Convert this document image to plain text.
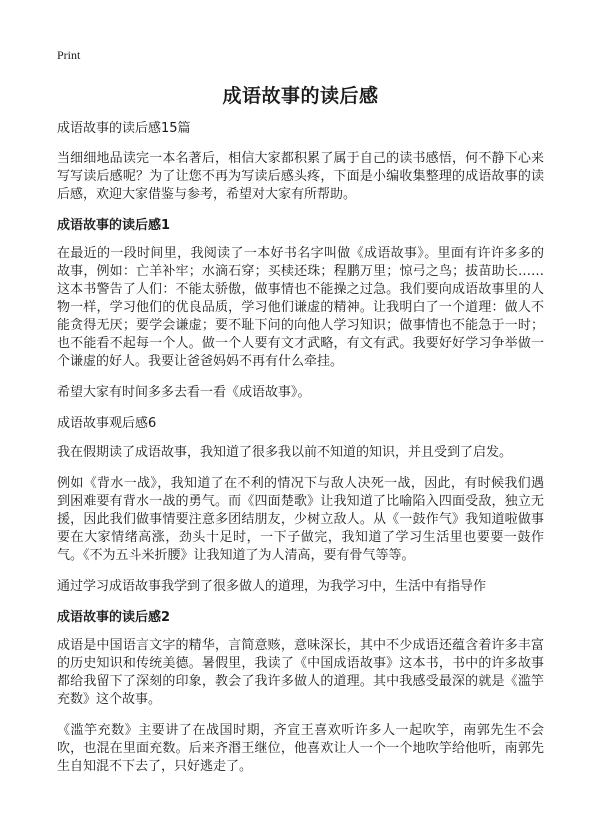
Print
成语故事的读后感
成语故事的读后感15篇

当细细地品读完一本名著后，相信大家都积累了属于自己的读书感悟，何不静下心来写写读后感呢？为了让您不再为写读后感头疼，下面是小编收集整理的成语故事的读后感，欢迎大家借鉴与参考，希望对大家有所帮助。

成语故事的读后感1

在最近的一段时间里，我阅读了一本好书名字叫做《成语故事》。里面有许许多多的故事，例如：亡羊补牢；水滴石穿；买椟还珠；程鹏万里；惊弓之鸟；拔苗助长……这本书警告了人们：不能太骄傲，做事情也不能操之过急。我们要向成语故事里的人物一样，学习他们的优良品质，学习他们谦虚的精神。让我明白了一个道理：做人不能贪得无厌；要学会谦虚；要不耻下问的向他人学习知识；做事情也不能急于一时；也不能看不起每一个人。做一个人要有文才武略，有文有武。我要好好学习争举做一个谦虚的好人。我要让爸爸妈妈不再有什么牵挂。

希望大家有时间多多去看一看《成语故事》。

成语故事观后感6

我在假期读了成语故事，我知道了很多我以前不知道的知识，并且受到了启发。

例如《背水一战》，我知道了在不利的情况下与敌人决死一战，因此，有时候我们遇到困难要有背水一战的勇气。而《四面楚歌》让我知道了比喻陷入四面受敌，独立无援，因此我们做事情要注意多团结朋友，少树立敌人。从《一鼓作气》我知道啦做事要在大家情绪高涨，劲头十足时，一下子做完，我知道了学习生活里也要要一鼓作气。《不为五斗米折腰》让我知道了为人清高，要有骨气等等。

通过学习成语故事我学到了很多做人的道理，为我学习中，生活中有指导作

成语故事的读后感2

成语是中国语言文字的精华，言简意赅，意味深长，其中不少成语还蕴含着许多丰富的历史知识和传统美德。暑假里，我读了《中国成语故事》这本书，书中的许多故事都给我留下了深刻的印象，教会了我许多做人的道理。其中我感受最深的就是《滥竽充数》这个故事。

《滥竽充数》主要讲了在战国时期，齐宣王喜欢听许多人一起吹竽，南郭先生不会吹，也混在里面充数。后来齐湣王继位，他喜欢让人一个一个地吹竽给他听，南郭先生自知混不下去了，只好逃走了。
